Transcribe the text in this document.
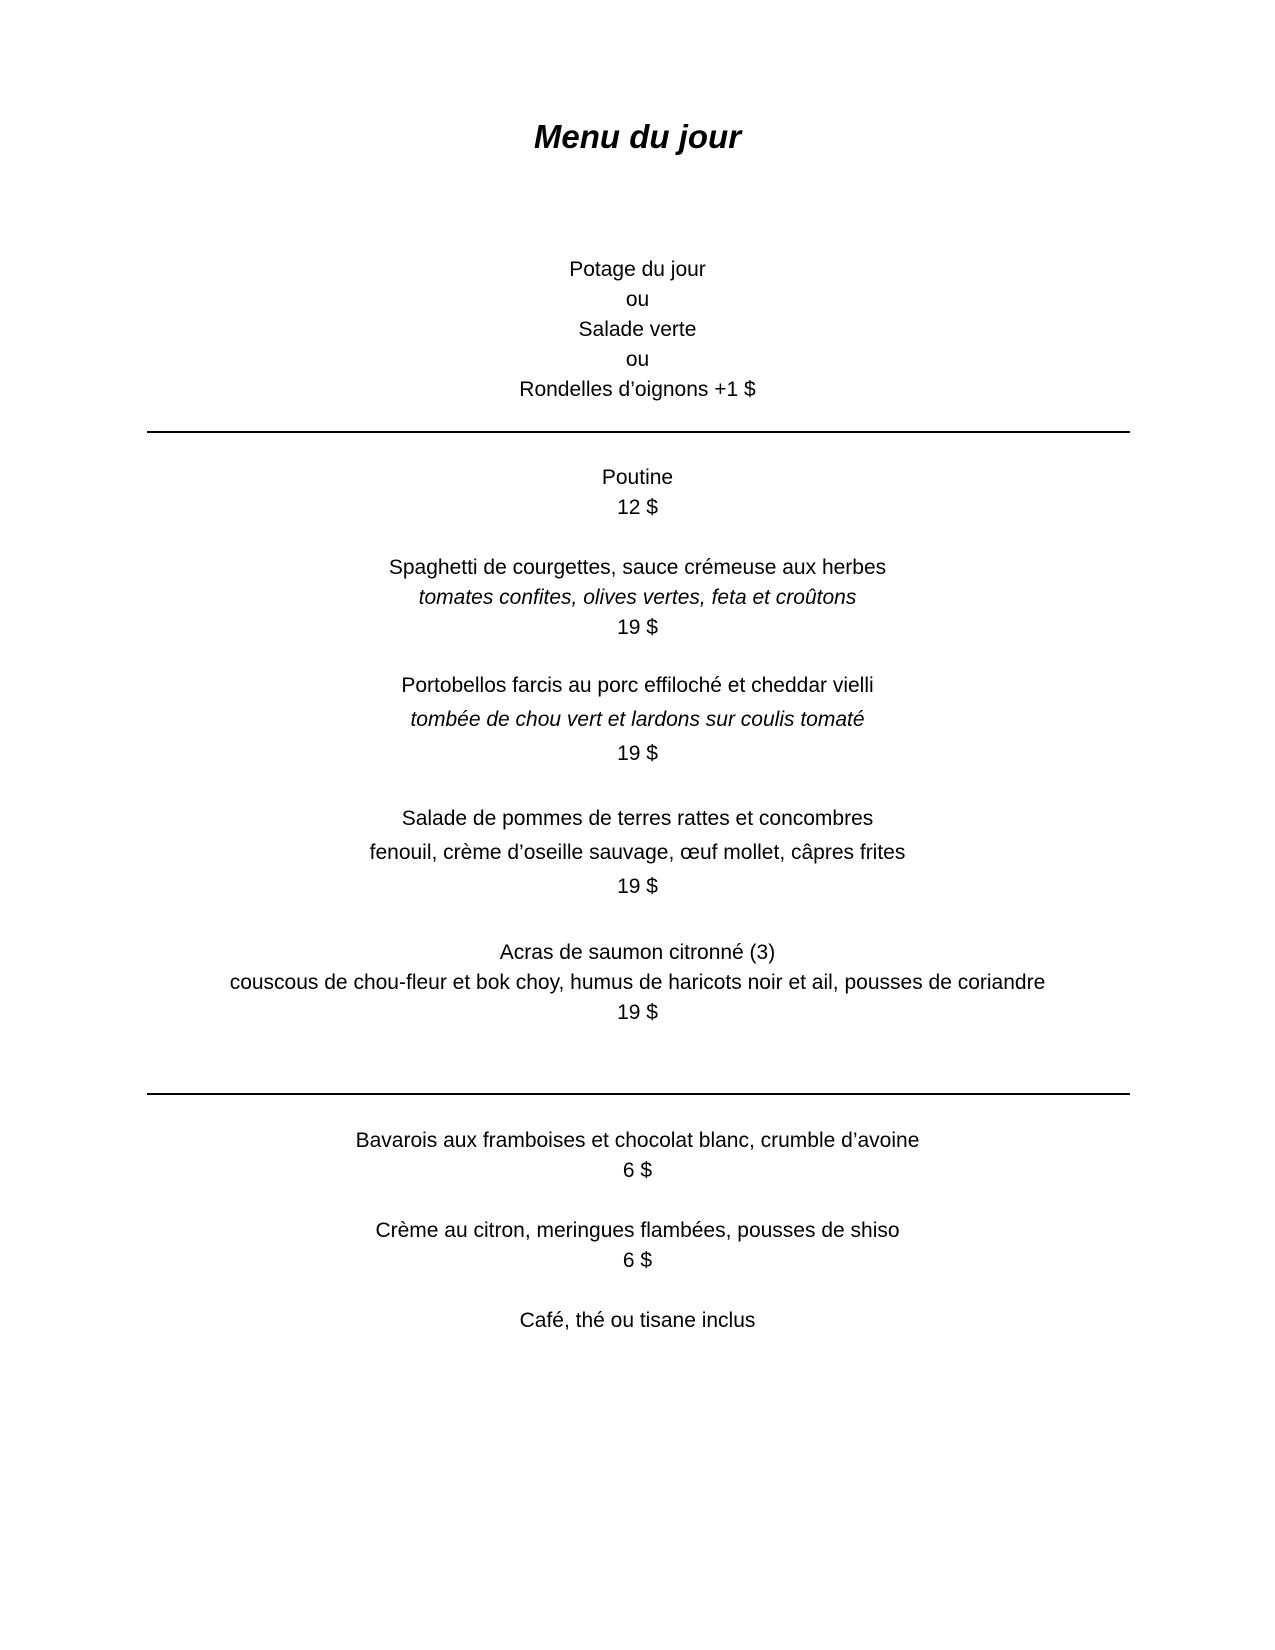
Menu du jour
Potage du jour
ou
Salade verte
ou
Rondelles d’oignons +1 $
Poutine
12 $
Spaghetti de courgettes, sauce crémeuse aux herbes
tomates confites, olives vertes, feta et croûtons
19 $
Portobellos farcis au porc effiloché et cheddar vielli
tombée de chou vert et lardons sur coulis tomaté
19 $
Salade de pommes de terres rattes et concombres
fenouil, crème d’oseille sauvage, œuf mollet, câpres frites
19 $
Acras de saumon citronné (3)
couscous de chou-fleur et bok choy, humus de haricots noir et ail, pousses de coriandre
19 $
Bavarois aux framboises et chocolat blanc, crumble d’avoine
6 $
Crème au citron, meringues flambées, pousses de shiso
6 $
Café, thé ou tisane inclus
